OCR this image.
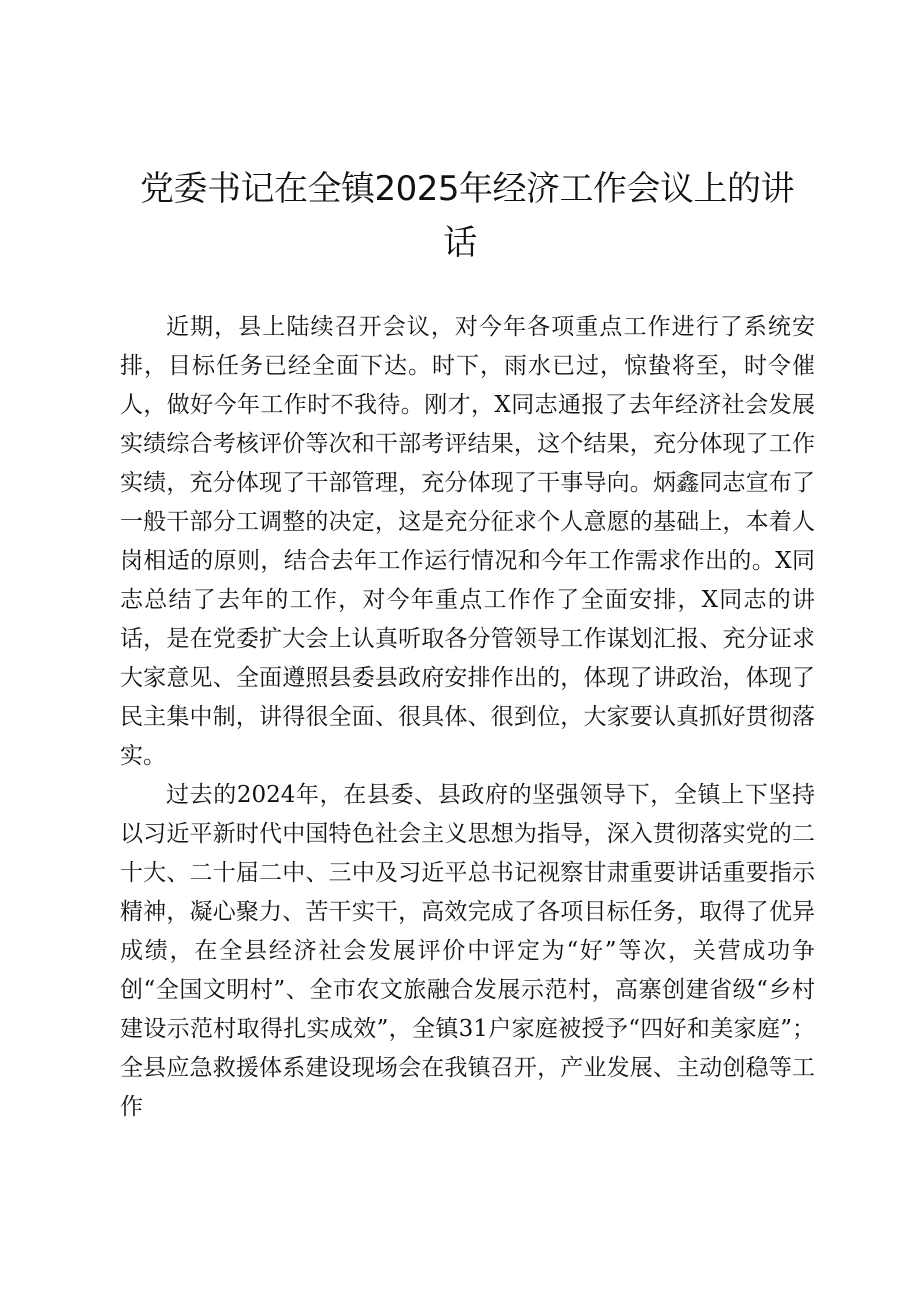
党委书记在全镇2025年经济工作会议上的讲
话

近期，县上陆续召开会议，对今年各项重点工作进行了系统安排，目标任务已经全面下达。时下，雨水已过，惊蛰将至，时令催人，做好今年工作时不我待。刚才，X同志通报了去年经济社会发展实绩综合考核评价等次和干部考评结果，这个结果，充分体现了工作实绩，充分体现了干部管理，充分体现了干事导向。炳鑫同志宣布了一般干部分工调整的决定，这是充分征求个人意愿的基础上，本着人岗相适的原则，结合去年工作运行情况和今年工作需求作出的。X同志总结了去年的工作，对今年重点工作作了全面安排，X同志的讲话，是在党委扩大会上认真听取各分管领导工作谋划汇报、充分证求大家意见、全面遵照县委县政府安排作出的，体现了讲政治，体现了民主集中制，讲得很全面、很具体、很到位，大家要认真抓好贯彻落实。

过去的2024年，在县委、县政府的坚强领导下，全镇上下坚持以习近平新时代中国特色社会主义思想为指导，深入贯彻落实党的二十大、二十届二中、三中及习近平总书记视察甘肃重要讲话重要指示精神，凝心聚力、苦干实干，高效完成了各项目标任务，取得了优异成绩，在全县经济社会发展评价中评定为“好”等次，关营成功争创“全国文明村”、全市农文旅融合发展示范村，高寨创建省级“乡村建设示范村取得扎实成效”，全镇31户家庭被授予“四好和美家庭”；全县应急救援体系建设现场会在我镇召开，产业发展、主动创稳等工作
